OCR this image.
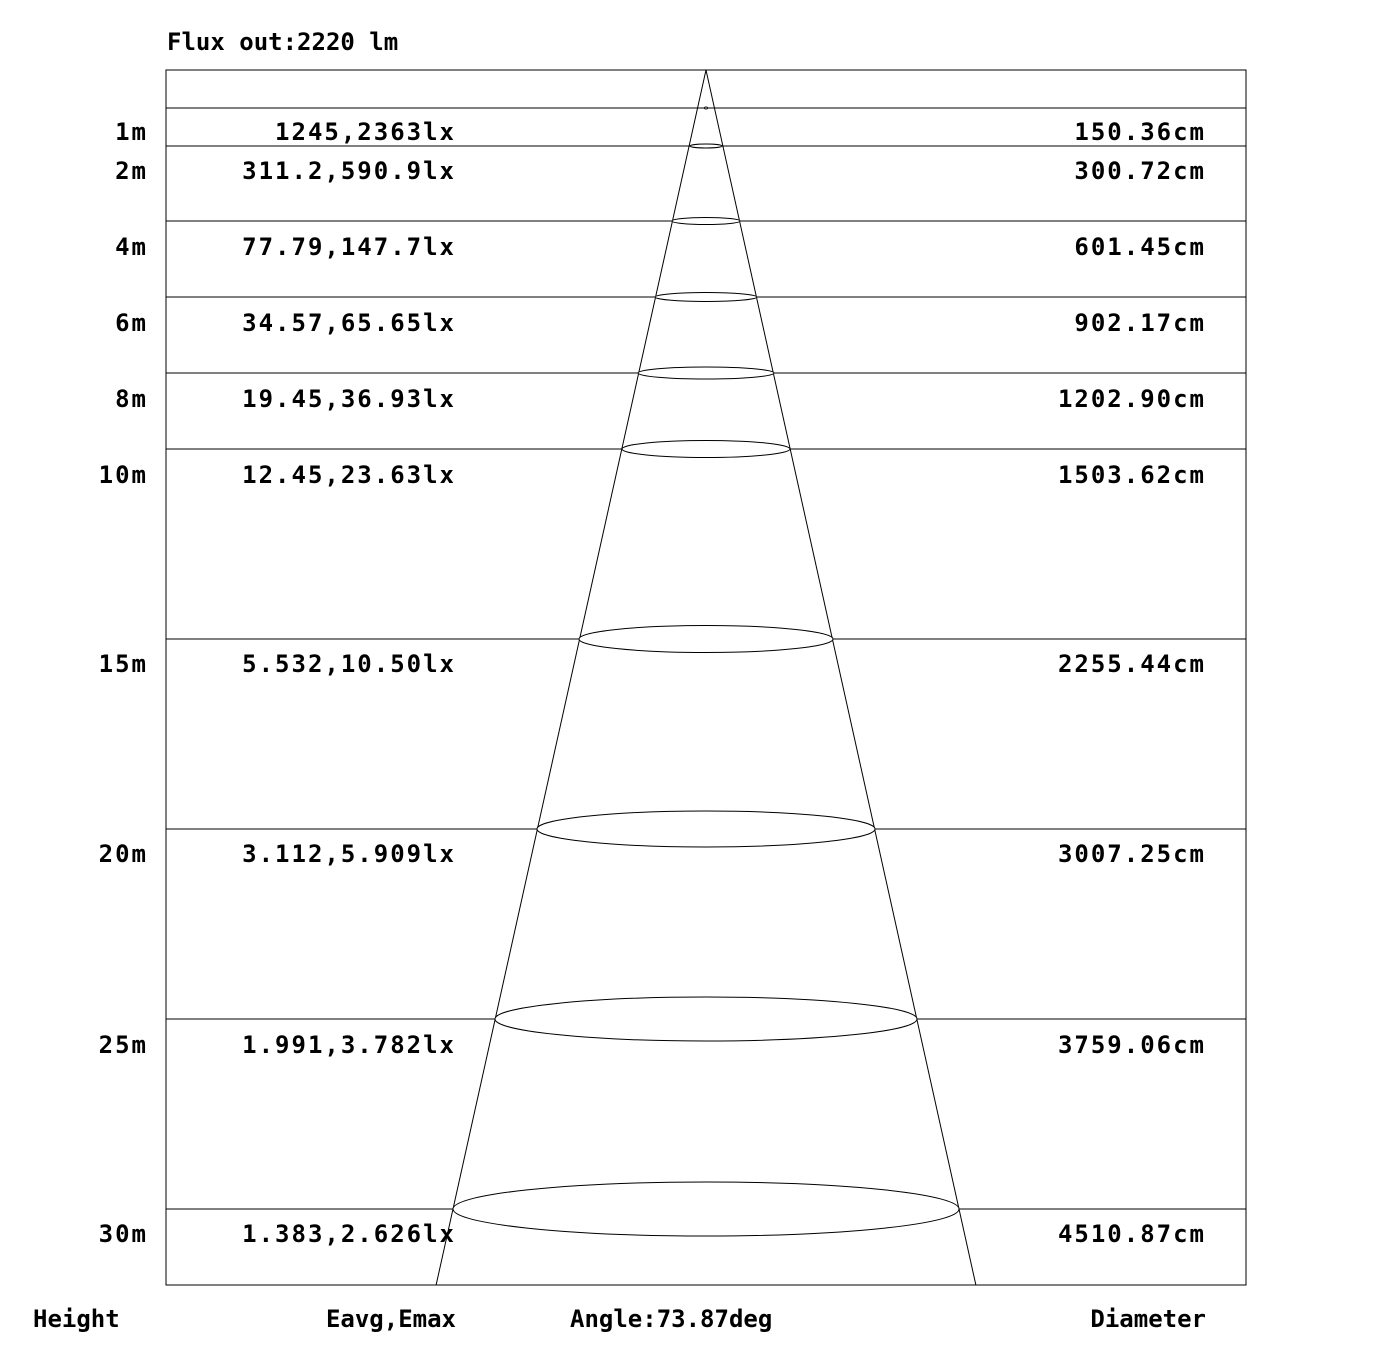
Flux out:2220 lm
1m	1245,2363lx	150.36cm
2m	311.2,590.9lx	300.72cm
4m	77.79,147.7lx	601.45cm
6m	34.57,65.65lx	902.17cm
8m	19.45,36.93lx	1202.90cm
10m	12.45,23.63lx	1503.62cm
15m	5.532,10.50lx	2255.44cm
20m	3.112,5.909lx	3007.25cm
25m	1.991,3.782lx	3759.06cm
30m	1.383,2.626lx	4510.87cm
Height	Eavg,Emax	Angle:73.87deg	Diameter
